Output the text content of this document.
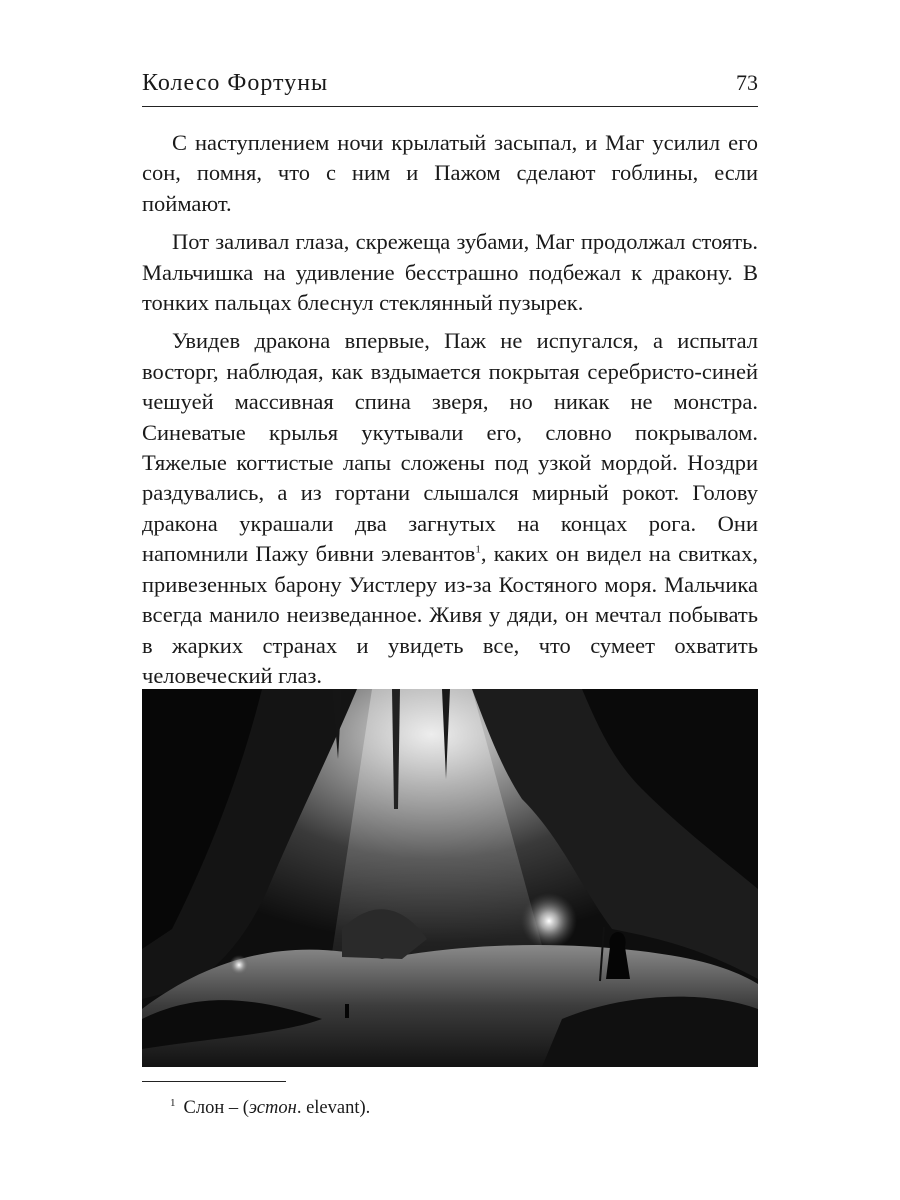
Колесо Фортуны	73

С наступлением ночи крылатый засыпал, и Маг усилил его сон, помня, что с ним и Пажом сделают гоблины, если поймают.

Пот заливал глаза, скрежеща зубами, Маг продолжал стоять. Мальчишка на удивление бесстрашно подбежал к дракону. В тонких пальцах блеснул стеклянный пузырек.

Увидев дракона впервые, Паж не испугался, а испытал восторг, наблюдая, как вздымается покрытая серебристо-синей чешуей массивная спина зверя, но никак не монстра. Синеватые крылья укутывали его, словно покрывалом. Тяжелые когтистые лапы сложены под узкой мордой. Ноздри раздувались, а из гортани слышался мирный рокот. Голову дракона украшали два загнутых на концах рога. Они напомнили Пажу бивни элевантов$^1$, каких он видел на свитках, привезенных барону Уистлеру из-за Костяного моря. Мальчика всегда манило неизведанное. Живя у дяди, он мечтал побывать в жарких странах и увидеть все, что сумеет охватить человеческий глаз.

$^1$ Слон – (эстон. elevant).
